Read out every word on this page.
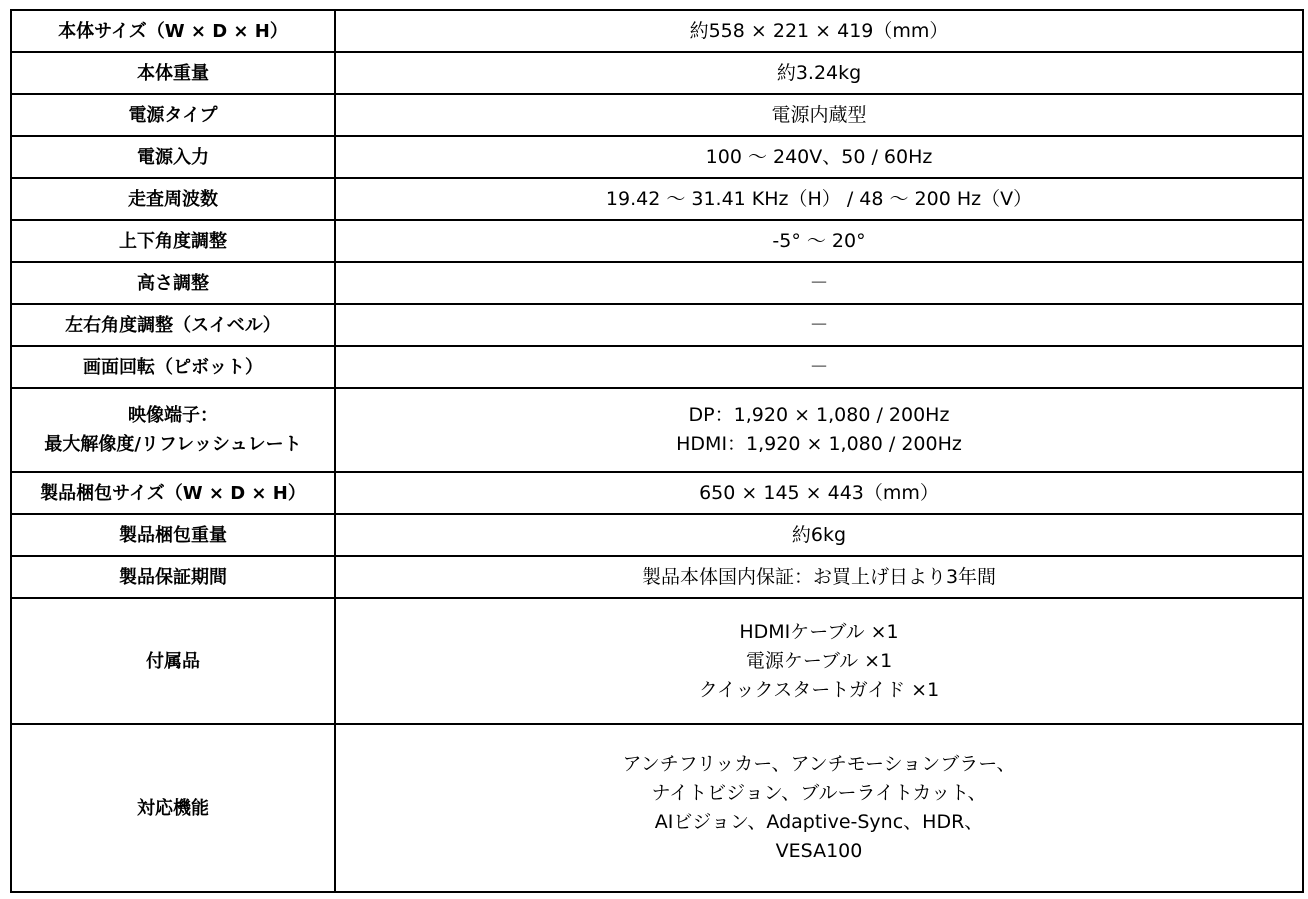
本体サイズ（W × D × H）	約558 × 221 × 419（mm）

本体重量	約3.24kg

電源タイプ	電源内蔵型

電源入力	100 ～ 240V、50 / 60Hz

走査周波数	19.42 ～ 31.41 KHz（H） / 48 ～ 200 Hz（V）

上下角度調整	-5° ～ 20°

高さ調整	－

左右角度調整（スイベル）	－

画面回転（ピボット）	－

映像端子：
最大解像度/リフレッシュレート	DP：1,920 × 1,080 / 200Hz
HDMI：1,920 × 1,080 / 200Hz

製品梱包サイズ（W × D × H）	650 × 145 × 443（mm）

製品梱包重量	約6kg

製品保証期間	製品本体国内保証：お買上げ日より3年間

付属品	HDMIケーブル ×1
電源ケーブル ×1
クイックスタートガイド ×1

対応機能	アンチフリッカー、アンチモーションブラー、
ナイトビジョン、ブルーライトカット、
AIビジョン、Adaptive-Sync、HDR、
VESA100
